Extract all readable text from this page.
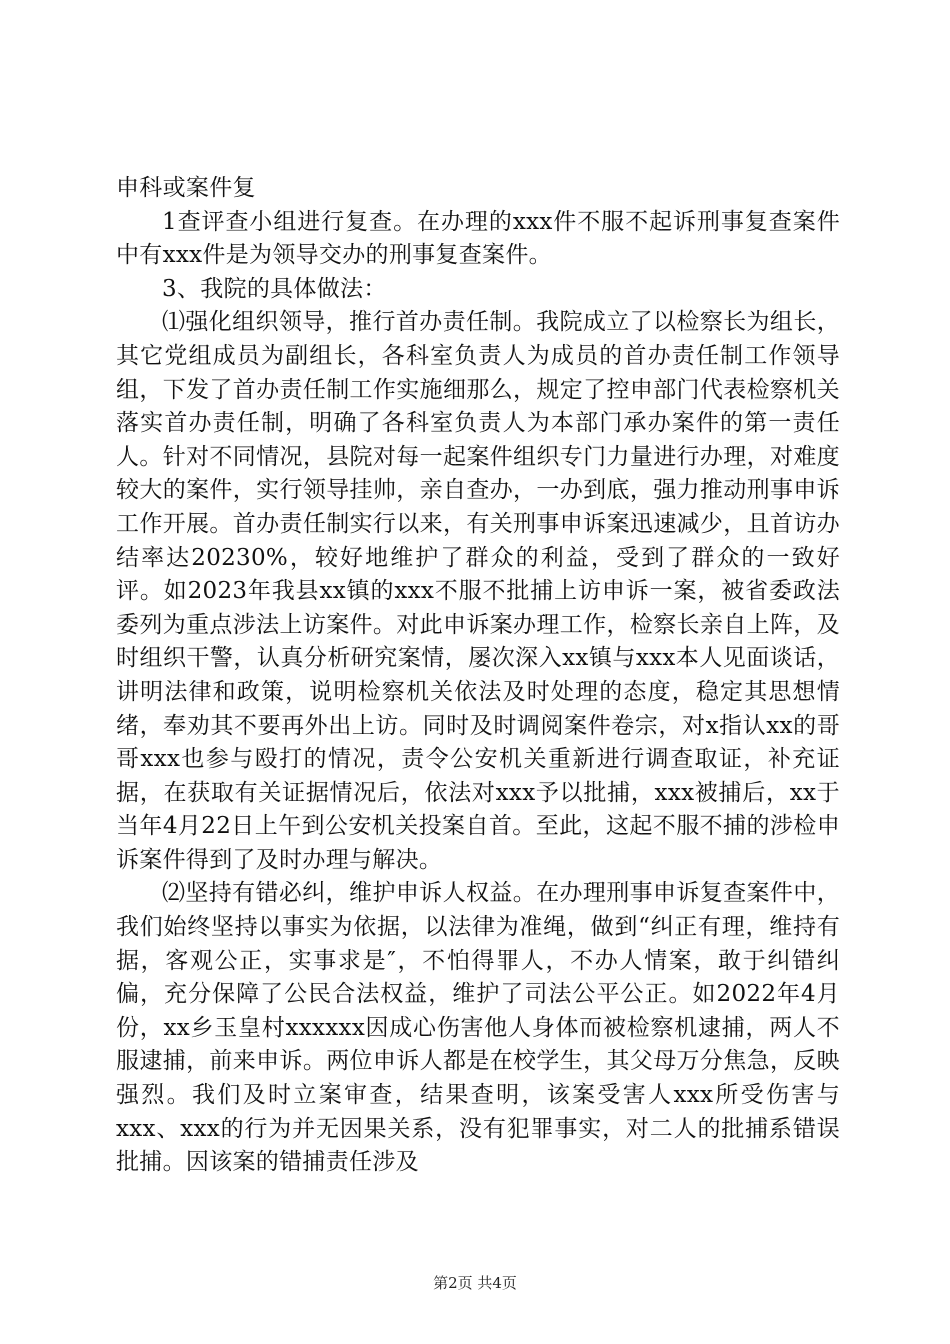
申科或案件复

1查评查小组进行复查。在办理的xxx件不服不起诉刑事复查案件中有xxx件是为领导交办的刑事复查案件。

3、我院的具体做法：

⑴强化组织领导，推行首办责任制。我院成立了以检察长为组长，其它党组成员为副组长，各科室负责人为成员的首办责任制工作领导组，下发了首办责任制工作实施细那么，规定了控申部门代表检察机关落实首办责任制，明确了各科室负责人为本部门承办案件的第一责任人。针对不同情况，县院对每一起案件组织专门力量进行办理，对难度较大的案件，实行领导挂帅，亲自查办，一办到底，强力推动刑事申诉工作开展。首办责任制实行以来，有关刑事申诉案迅速减少，且首访办结率达20230%，较好地维护了群众的利益，受到了群众的一致好评。如2023年我县xx镇的xxx不服不批捕上访申诉一案，被省委政法委列为重点涉法上访案件。对此申诉案办理工作，检察长亲自上阵，及时组织干警，认真分析研究案情，屡次深入xx镇与xxx本人见面谈话，讲明法律和政策，说明检察机关依法及时处理的态度，稳定其思想情绪，奉劝其不要再外出上访。同时及时调阅案件卷宗，对x指认xx的哥哥xxx也参与殴打的情况，责令公安机关重新进行调查取证，补充证据，在获取有关证据情况后，依法对xxx予以批捕，xxx被捕后，xx于当年4月22日上午到公安机关投案自首。至此，这起不服不捕的涉检申诉案件得到了及时办理与解决。

⑵坚持有错必纠，维护申诉人权益。在办理刑事申诉复查案件中，我们始终坚持以事实为依据，以法律为准绳，做到“纠正有理，维持有据，客观公正，实事求是″，不怕得罪人，不办人情案，敢于纠错纠偏，充分保障了公民合法权益，维护了司法公平公正。如2022年4月份，xx乡玉皇村xxxxxx因成心伤害他人身体而被检察机逮捕，两人不服逮捕，前来申诉。两位申诉人都是在校学生，其父母万分焦急，反映强烈。我们及时立案审查，结果查明，该案受害人xxx所受伤害与xxx、xxx的行为并无因果关系，没有犯罪事实，对二人的批捕系错误批捕。因该案的错捕责任涉及

第2页 共4页
